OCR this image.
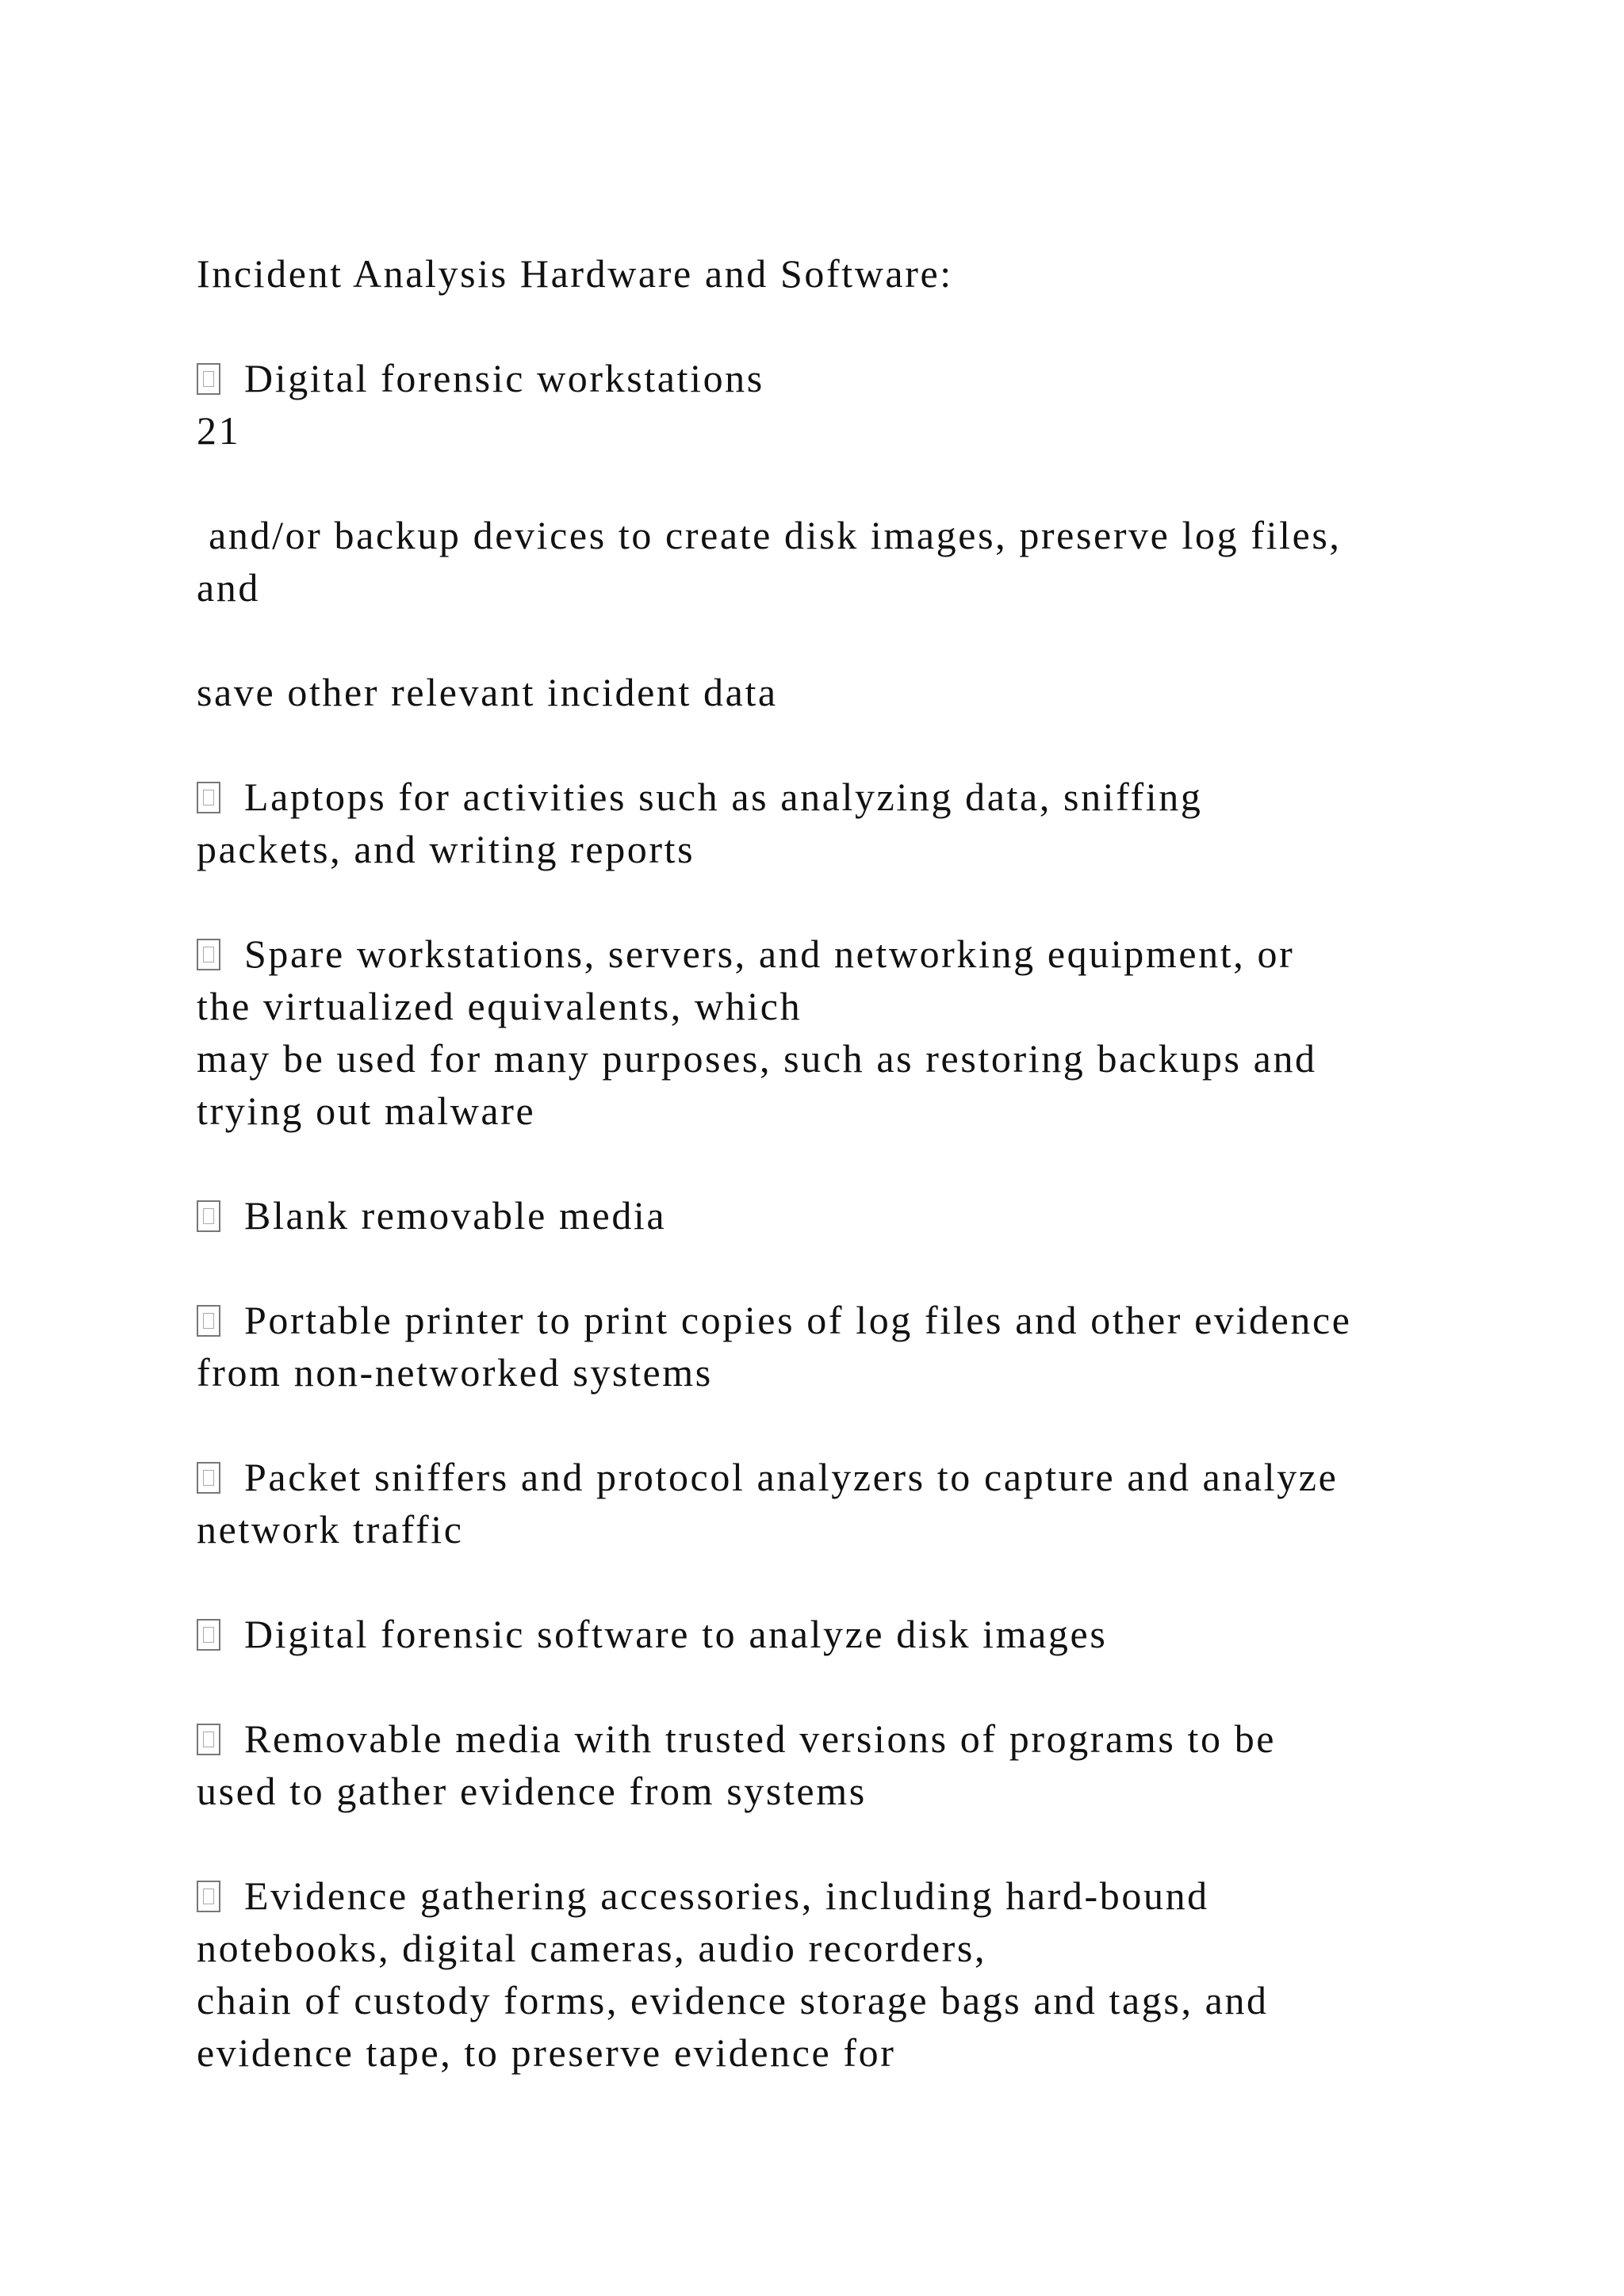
Incident Analysis Hardware and Software:
Digital forensic workstations
21
and/or backup devices to create disk images, preserve log files,
and
save other relevant incident data
Laptops for activities such as analyzing data, sniffing
packets, and writing reports
Spare workstations, servers, and networking equipment, or
the virtualized equivalents, which
may be used for many purposes, such as restoring backups and
trying out malware
Blank removable media
Portable printer to print copies of log files and other evidence
from non-networked systems
Packet sniffers and protocol analyzers to capture and analyze
network traffic
Digital forensic software to analyze disk images
Removable media with trusted versions of programs to be
used to gather evidence from systems
Evidence gathering accessories, including hard-bound
notebooks, digital cameras, audio recorders,
chain of custody forms, evidence storage bags and tags, and
evidence tape, to preserve evidence for
